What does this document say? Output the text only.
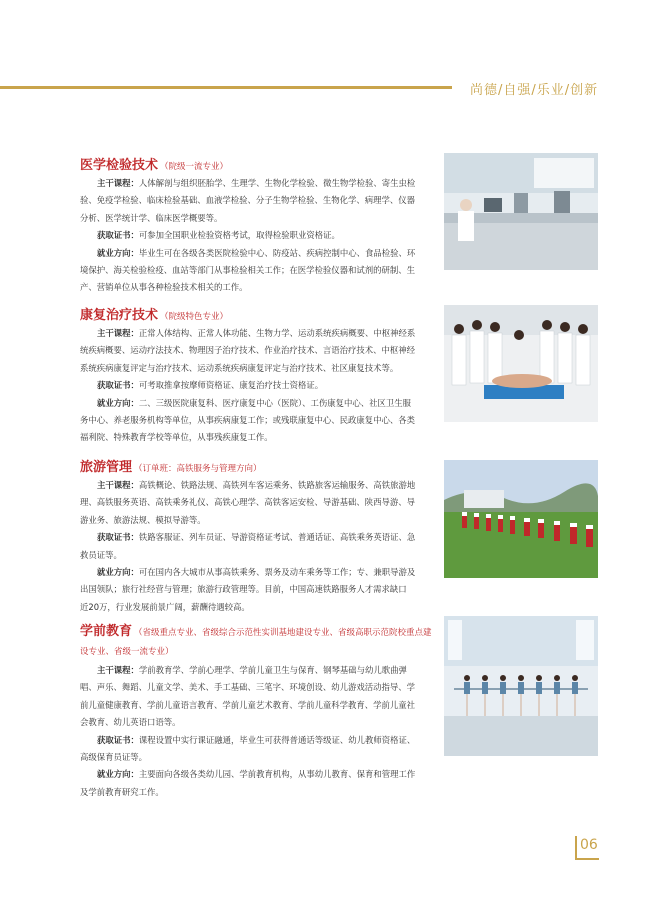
尚德/自强/乐业/创新
医学检验技术 （院级一流专业）

主干课程：人体解剖与组织胚胎学、生理学、生物化学检验、微生物学检验、寄生虫检

验、免疫学检验、临床检验基础、血液学检验、分子生物学检验、生物化学、病理学、仪器

分析、医学统计学、临床医学概要等。

获取证书：可参加全国职业检验资格考试，取得检验职业资格证。

就业方向：毕业生可在各级各类医院检验中心、防疫站、疾病控制中心、食品检验、环

境保护、海关检验检疫、血站等部门从事检验相关工作；在医学检验仪器和试剂的研制、生

产、营销单位从事各种检验技术相关的工作。

康复治疗技术 （院级特色专业）

主干课程：正常人体结构、正常人体功能、生物力学、运动系统疾病概要、中枢神经系

统疾病概要、运动疗法技术、物理因子治疗技术、作业治疗技术、言语治疗技术、中枢神经

系统疾病康复评定与治疗技术、运动系统疾病康复评定与治疗技术、社区康复技术等。

获取证书：可考取推拿按摩师资格证、康复治疗技士资格证。

就业方向：二、三级医院康复科、医疗康复中心（医院）、工伤康复中心、社区卫生服

务中心、养老服务机构等单位，从事疾病康复工作；或残联康复中心、民政康复中心、各类

福利院、特殊教育学校等单位，从事残疾康复工作。

旅游管理 （订单班：高铁服务与管理方向）

主干课程：高铁概论、铁路法规、高铁列车客运乘务、铁路旅客运输服务、高铁旅游地

理、高铁服务英语、高铁乘务礼仪、高铁心理学、高铁客运安检、导游基础、陕西导游、导

游业务、旅游法规、模拟导游等。

获取证书：铁路客服证、列车员证、导游资格证考试、普通话证、高铁乘务英语证、急

救员证等。

就业方向：可在国内各大城市从事高铁乘务、票务及动车乘务等工作；专、兼职导游及

出国领队；旅行社经营与管理；旅游行政管理等。目前，中国高速铁路服务人才需求缺口

近20万，行业发展前景广阔，薪酬待遇较高。

学前教育 （省级重点专业、省级综合示范性实训基地建设专业、省级高职示范院校重点建设专业、省级一流专业）

主干课程：学前教育学、学前心理学、学前儿童卫生与保育、钢琴基础与幼儿歌曲弹

唱、声乐、舞蹈、儿童文学、美术、手工基础、三笔字、环境创设、幼儿游戏活动指导、学

前儿童健康教育、学前儿童语言教育、学前儿童艺术教育、学前儿童科学教育、学前儿童社

会教育、幼儿英语口语等。

获取证书：课程设置中实行课证融通，毕业生可获得普通话等级证、幼儿教师资格证、

高级保育员证等。

就业方向：主要面向各级各类幼儿园、学前教育机构，从事幼儿教育、保育和管理工作

及学前教育研究工作。

06
